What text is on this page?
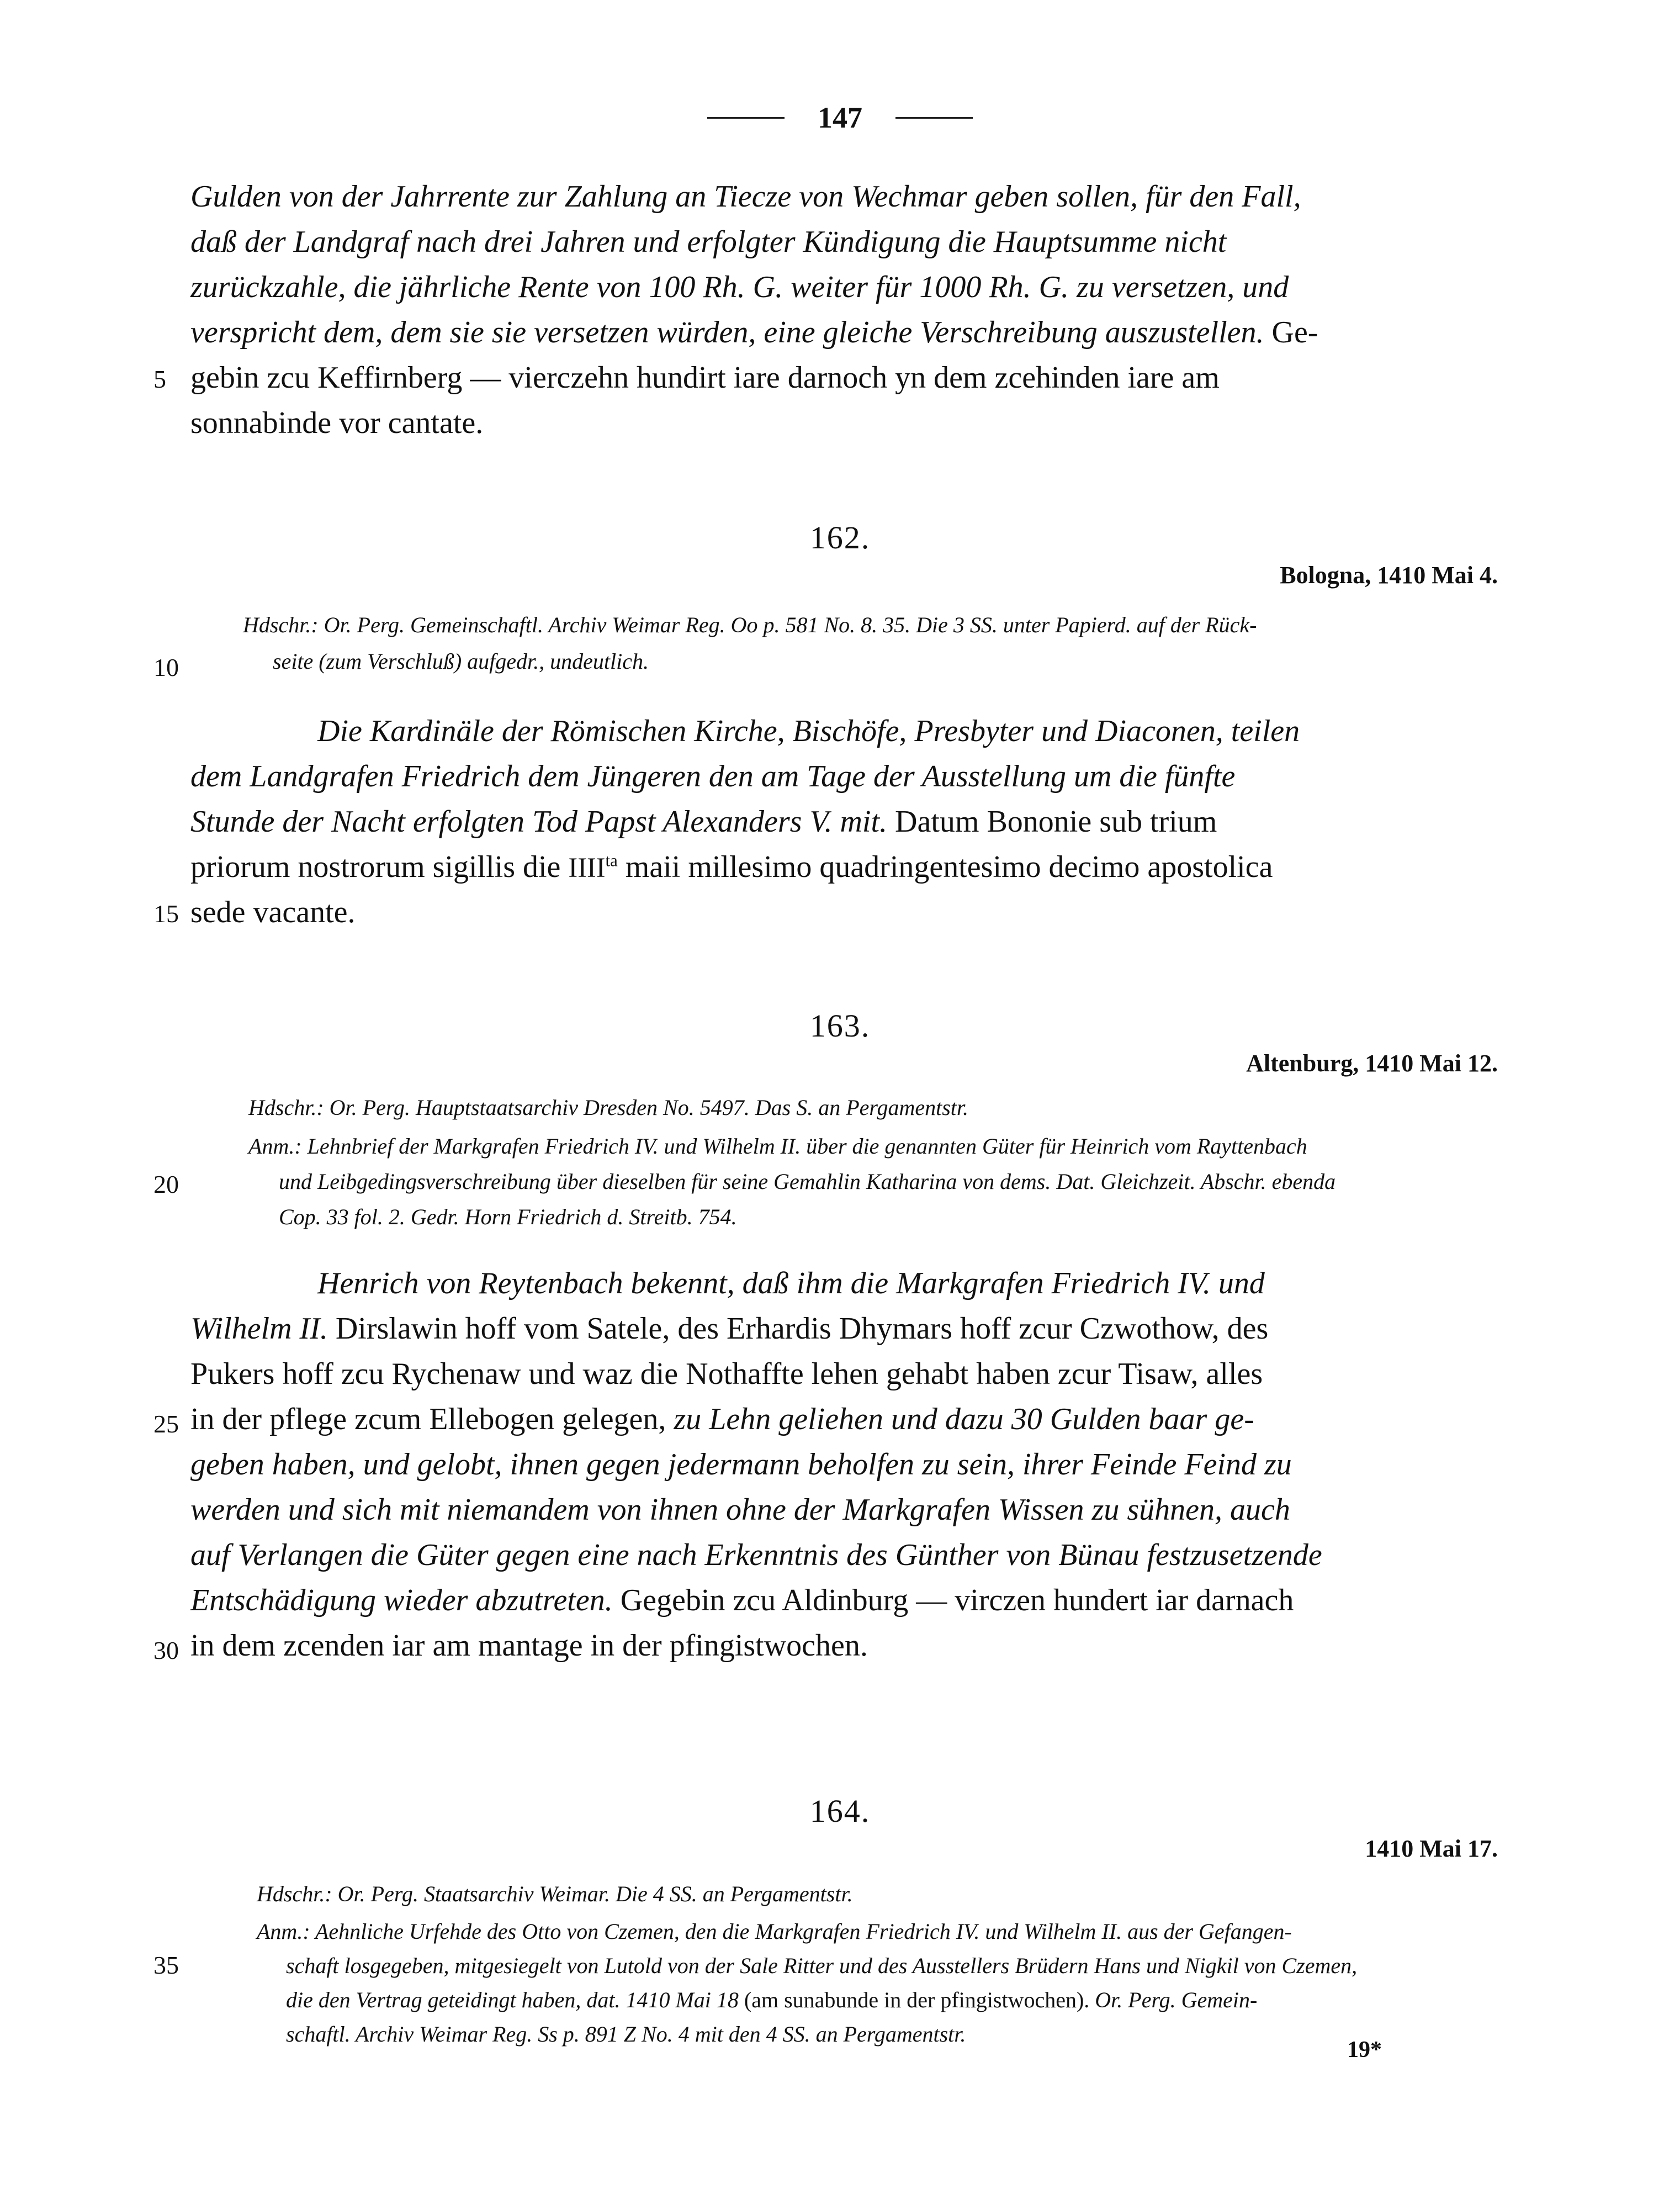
147
Gulden von der Jahrrente zur Zahlung an Tiecze von Wechmar geben sollen, für den Fall,
daß der Landgraf nach drei Jahren und erfolgter Kündigung die Hauptsumme nicht
zurückzahle, die jährliche Rente von 100 Rh. G. weiter für 1000 Rh. G. zu versetzen, und
verspricht dem, dem sie sie versetzen würden, eine gleiche Verschreibung auszustellen. Ge-
5 gebin zcu Keffirnberg — vierczehn hundirt iare darnoch yn dem zcehinden iare am
sonnabinde vor cantate.
162.
Bologna, 1410 Mai 4.
Hdschr.: Or. Perg. Gemeinschaftl. Archiv Weimar Reg. Oo p. 581 No. 8. 35. Die 3 SS. unter Papierd. auf der Rück-
10	seite (zum Verschluß) aufgedr., undeutlich.
Die Kardinäle der Römischen Kirche, Bischöfe, Presbyter und Diaconen, teilen
dem Landgrafen Friedrich dem Jüngeren den am Tage der Ausstellung um die fünfte
Stunde der Nacht erfolgten Tod Papst Alexanders V. mit. Datum Bononie sub trium
priorum nostrorum sigillis die $IIII^{ta}$ maii millesimo quadringentesimo decimo apostolica
15 sede vacante.
163.
Altenburg, 1410 Mai 12.
Hdschr.: Or. Perg. Hauptstaatsarchiv Dresden No. 5497. Das S. an Pergamentstr.
Anm.: Lehnbrief der Markgrafen Friedrich IV. und Wilhelm II. über die genannten Güter für Heinrich vom Rayttenbach
20	und Leibgedingsverschreibung über dieselben für seine Gemahlin Katharina von dems. Dat. Gleichzeit. Abschr. ebenda
Cop. 33 fol. 2. Gedr. Horn Friedrich d. Streitb. 754.
Henrich von Reytenbach bekennt, daß ihm die Markgrafen Friedrich IV. und
Wilhelm II. Dirslawin hoff vom Satele, des Erhardis Dhymars hoff zcur Czwothow, des
Pukers hoff zcu Rychenaw und waz die Nothaffte lehen gehabt haben zcur Tisaw, alles
25 in der pflege zcum Ellebogen gelegen, zu Lehn geliehen und dazu 30 Gulden baar ge-
geben haben, und gelobt, ihnen gegen jedermann beholfen zu sein, ihrer Feinde Feind zu
werden und sich mit niemandem von ihnen ohne der Markgrafen Wissen zu sühnen, auch
auf Verlangen die Güter gegen eine nach Erkenntnis des Günther von Bünau festzusetzende
Entschädigung wieder abzutreten. Gegebin zcu Aldinburg — virczen hundert iar darnach
30 in dem zcenden iar am mantage in der pfingistwochen.
164.
1410 Mai 17.
Hdschr.: Or. Perg. Staatsarchiv Weimar. Die 4 SS. an Pergamentstr.
Anm.: Aehnliche Urfehde des Otto von Czemen, den die Markgrafen Friedrich IV. und Wilhelm II. aus der Gefangen-
35	schaft losgegeben, mitgesiegelt von Lutold von der Sale Ritter und des Ausstellers Brüdern Hans und Nigkil von Czemen,
die den Vertrag geteidingt haben, dat. 1410 Mai 18 (am sunabunde in der pfingistwochen). Or. Perg. Gemein-
schaftl. Archiv Weimar Reg. Ss p. 891 Z No. 4 mit den 4 SS. an Pergamentstr.
19*
